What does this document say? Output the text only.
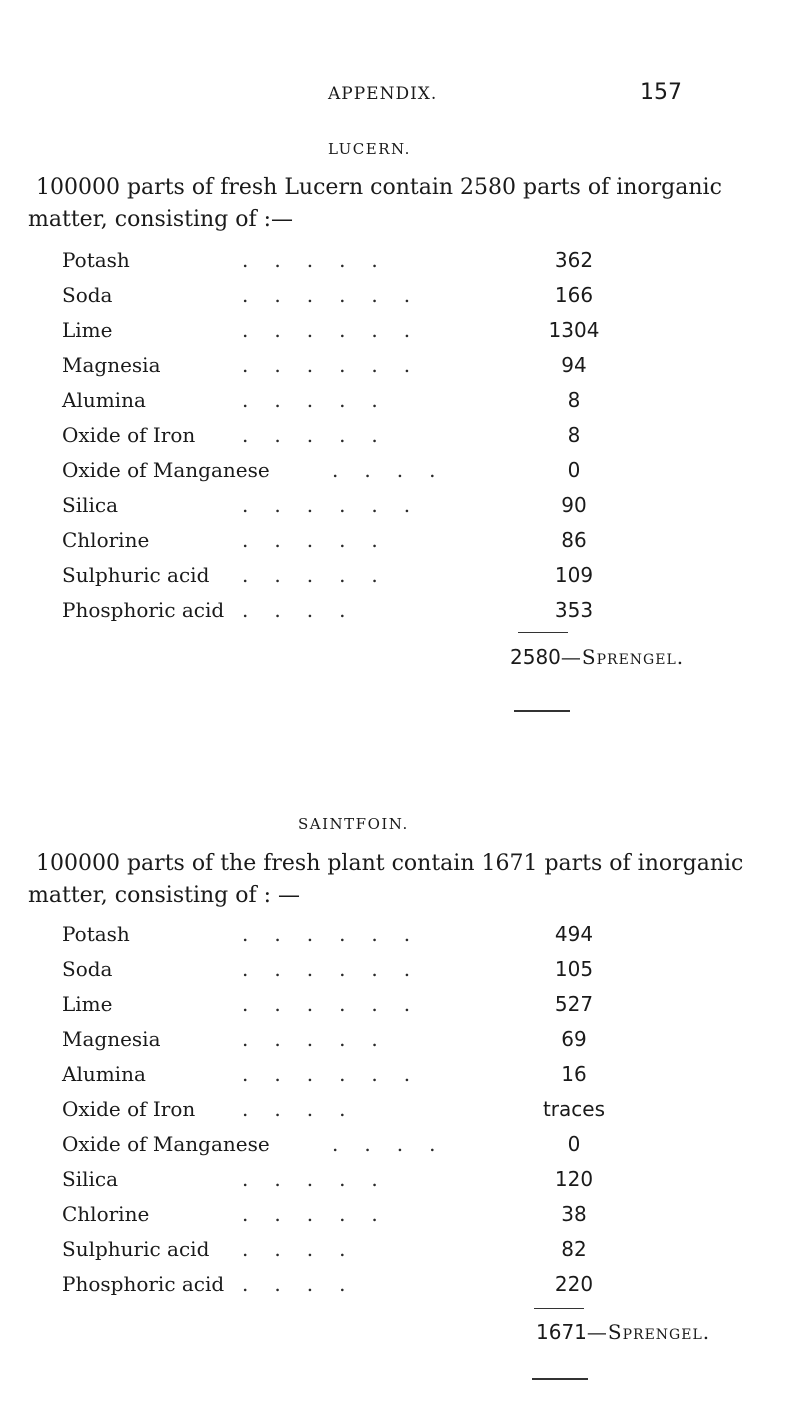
APPENDIX.	157
LUCERN.
100000 parts of fresh Lucern contain 2580 parts of inorganic
matter, consisting of :—
Potash	.....	362
Soda	......	166
Lime	......	1304
Magnesia	......	94
Alumina	.....	8
Oxide of Iron .....	8
Oxide of Manganese	....	0
Silica	......	90
Chlorine	.....	86
Sulphuric acid .....	109
Phosphoric acid ....	353
2580—Sprengel.
SAINTFOIN.
100000 parts of the fresh plant contain 1671 parts of inorganic
matter, consisting of : —
Potash	......	494
Soda	......	105
Lime	......	527
Magnesia	.....	69
Alumina	......	16
Oxide of Iron ....	traces
Oxide of Manganese	....	0
Silica	.....	120
Chlorine	.....	38
Sulphuric acid ....	82
Phosphoric acid ....	220
1671—Sprengel.
